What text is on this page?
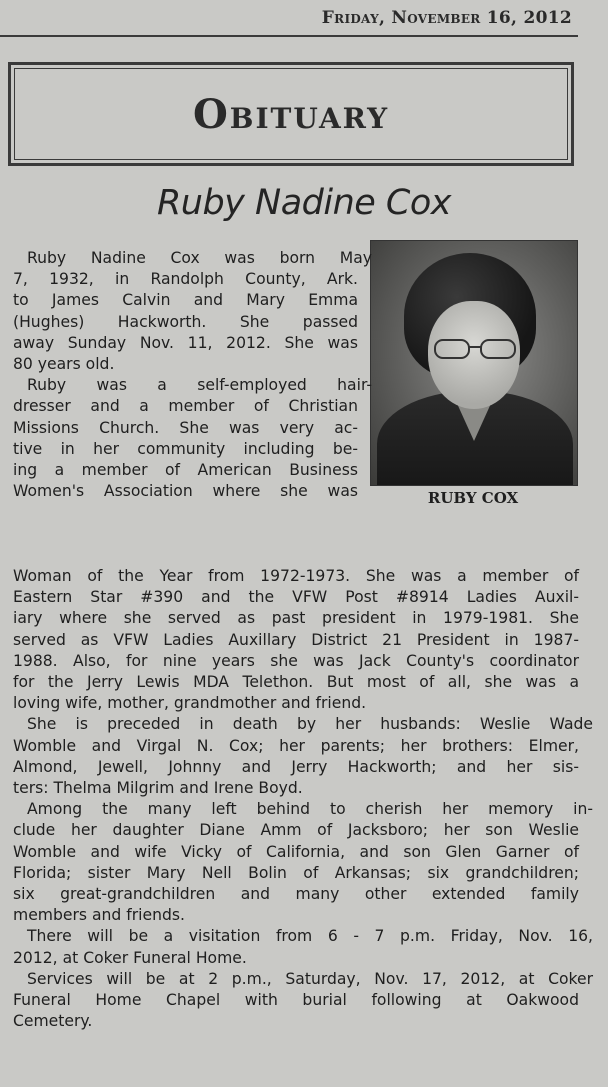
Friday, November 16, 2012
Obituary
Ruby Nadine Cox
RUBY COX
Ruby Nadine Cox was born May
7, 1932, in Randolph County, Ark.
to James Calvin and Mary Emma
(Hughes) Hackworth. She passed
away Sunday Nov. 11, 2012. She was
80 years old.
Ruby was a self-employed hair-
dresser and a member of Christian
Missions Church. She was very ac-
tive in her community including be-
ing a member of American Business
Women's Association where she was
Woman of the Year from 1972-1973. She was a member of
Eastern Star #390 and the VFW Post #8914 Ladies Auxil-
iary where she served as past president in 1979-1981. She
served as VFW Ladies Auxillary District 21 President in 1987-
1988. Also, for nine years she was Jack County's coordinator
for the Jerry Lewis MDA Telethon. But most of all, she was a
loving wife, mother, grandmother and friend.
She is preceded in death by her husbands: Weslie Wade
Womble and Virgal N. Cox; her parents; her brothers: Elmer,
Almond, Jewell, Johnny and Jerry Hackworth; and her sis-
ters: Thelma Milgrim and Irene Boyd.
Among the many left behind to cherish her memory in-
clude her daughter Diane Amm of Jacksboro; her son Weslie
Womble and wife Vicky of California, and son Glen Garner of
Florida; sister Mary Nell Bolin of Arkansas; six grandchildren;
six great-grandchildren and many other extended family
members and friends.
There will be a visitation from 6 - 7 p.m. Friday, Nov. 16,
2012, at Coker Funeral Home.
Services will be at 2 p.m., Saturday, Nov. 17, 2012, at Coker
Funeral Home Chapel with burial following at Oakwood
Cemetery.
